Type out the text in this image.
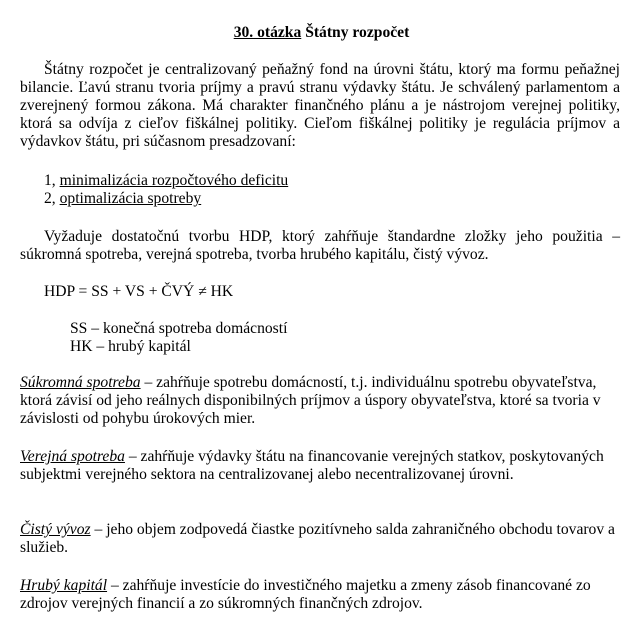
30. otázka Štátny rozpočet
Štátny rozpočet je centralizovaný peňažný fond na úrovni štátu, ktorý ma formu peňažnej bilancie. Ľavú stranu tvoria príjmy a pravú stranu výdavky štátu. Je schválený parlamentom a zverejnený formou zákona. Má charakter finančného plánu a je nástrojom verejnej politiky, ktorá sa odvíja z cieľov fiškálnej politiky. Cieľom fiškálnej politiky je regulácia príjmov a výdavkov štátu, pri súčasnom presadzovaní:
1, minimalizácia rozpočtového deficitu
2, optimalizácia spotreby
Vyžaduje dostatočnú tvorbu HDP, ktorý zahŕňuje štandardne zložky jeho použitia – súkromná spotreba, verejná spotreba, tvorba hrubého kapitálu, čistý vývoz.
HDP = SS + VS + ČVÝ ≠ HK
SS – konečná spotreba domácností
HK – hrubý kapitál
Súkromná spotreba – zahŕňuje spotrebu domácností, t.j. individuálnu spotrebu obyvateľstva, ktorá závisí od jeho reálnych disponibilných príjmov a úspory obyvateľstva, ktoré sa tvoria v závislosti od pohybu úrokových mier.
Verejná spotreba – zahŕňuje výdavky štátu na financovanie verejných statkov, poskytovaných subjektmi verejného sektora na centralizovanej alebo necentralizovanej úrovni.
Čistý vývoz – jeho objem zodpovedá čiastke pozitívneho salda zahraničného obchodu tovarov a služieb.
Hrubý kapitál – zahŕňuje investície do investičného majetku a zmeny zásob financované zo zdrojov verejných financií a zo súkromných finančných zdrojov.
